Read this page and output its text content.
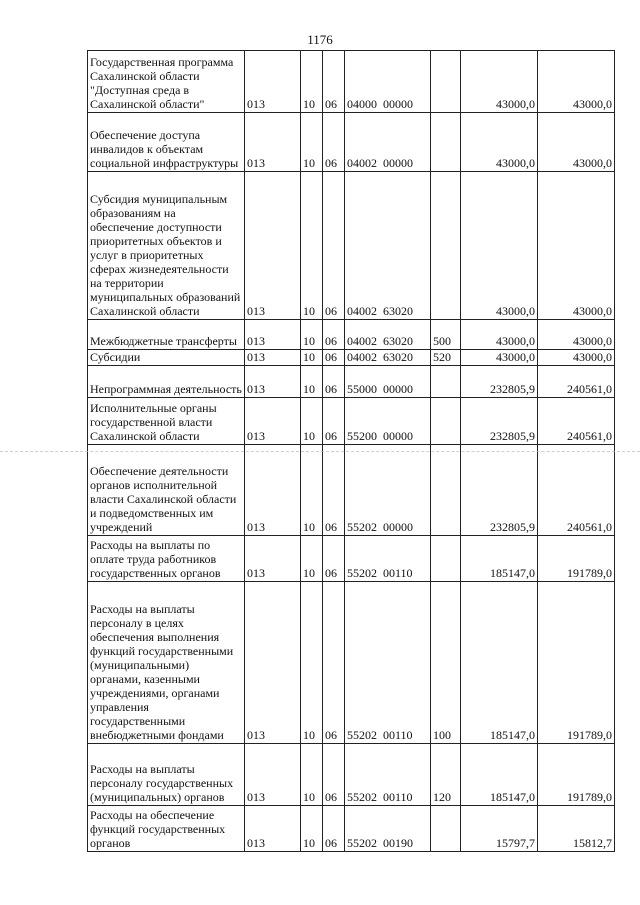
1176
Государственная программа Сахалинской области "Доступная среда в Сахалинской области"	013	10	06	04000  00000		43000,0	43000,0
Обеспечение доступа инвалидов к объектам социальной инфраструктуры	013	10	06	04002  00000		43000,0	43000,0
Субсидия муниципальным образованиям на обеспечение доступности приоритетных объектов и услуг в приоритетных сферах жизнедеятельности на территории муниципальных образований Сахалинской области	013	10	06	04002  63020		43000,0	43000,0
Межбюджетные трансферты	013	10	06	04002  63020	500	43000,0	43000,0
Субсидии	013	10	06	04002  63020	520	43000,0	43000,0
Непрограммная деятельность	013	10	06	55000  00000		232805,9	240561,0
Исполнительные органы государственной власти Сахалинской области	013	10	06	55200  00000		232805,9	240561,0
Обеспечение деятельности органов исполнительной власти Сахалинской области и подведомственных им учреждений	013	10	06	55202  00000		232805,9	240561,0
Расходы на выплаты по оплате труда работников государственных органов	013	10	06	55202  00110		185147,0	191789,0
Расходы на выплаты персоналу в целях обеспечения выполнения функций государственными (муниципальными) органами, казенными учреждениями, органами управления государственными внебюджетными фондами	013	10	06	55202  00110	100	185147,0	191789,0
Расходы на выплаты персоналу государственных (муниципальных) органов	013	10	06	55202  00110	120	185147,0	191789,0
Расходы на обеспечение функций государственных органов	013	10	06	55202  00190		15797,7	15812,7
